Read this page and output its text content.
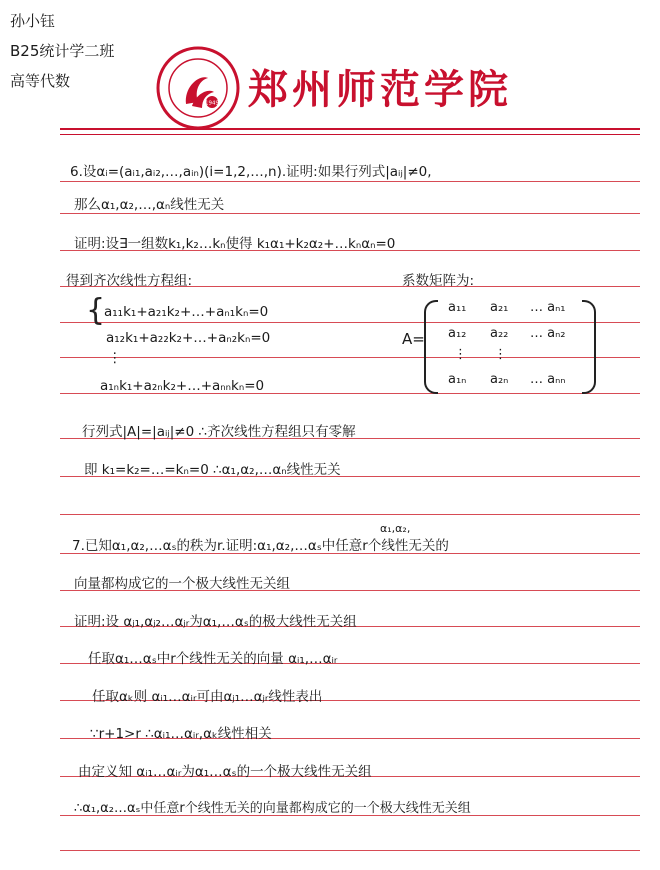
孙小钰
B25统计学二班
高等代数
1949 郑州师范学院
6.设αᵢ=(aᵢ₁,aᵢ₂,…,aᵢₙ)(i=1,2,…,n).证明:如果行列式|aᵢⱼ|≠0,
那么α₁,α₂,…,αₙ线性无关
证明:设∃一组数k₁,k₂…kₙ使得 k₁α₁+k₂α₂+…kₙαₙ=0
得到齐次线性方程组:	系数矩阵为:
{
a₁₁k₁+a₂₁k₂+…+aₙ₁kₙ=0
a₁₂k₁+a₂₂k₂+…+aₙ₂kₙ=0
⋮
a₁ₙk₁+a₂ₙk₂+…+aₙₙkₙ=0
A=
a₁₁ a₂₁ … aₙ₁
a₁₂ a₂₂ … aₙ₂
⋮ ⋮
a₁ₙ a₂ₙ … aₙₙ
行列式|A|=|aᵢⱼ|≠0 ∴齐次线性方程组只有零解
即 k₁=k₂=…=kₙ=0 ∴α₁,α₂,…αₙ线性无关
α₁,α₂,
7.已知α₁,α₂,…αₛ的秩为r.证明:α₁,α₂,…αₛ中任意r个线性无关的
向量都构成它的一个极大线性无关组
证明:设 αⱼ₁,αⱼ₂…αⱼᵣ为α₁,…αₛ的极大线性无关组
任取α₁…αₛ中r个线性无关的向量 αᵢ₁,…αᵢᵣ
任取αₖ则 αᵢ₁…αᵢᵣ可由αⱼ₁…αⱼᵣ线性表出
∵r+1>r ∴αᵢ₁…αᵢᵣ,αₖ线性相关
由定义知 αᵢ₁…αᵢᵣ为α₁…αₛ的一个极大线性无关组
∴α₁,α₂…αₛ中任意r个线性无关的向量都构成它的一个极大线性无关组
